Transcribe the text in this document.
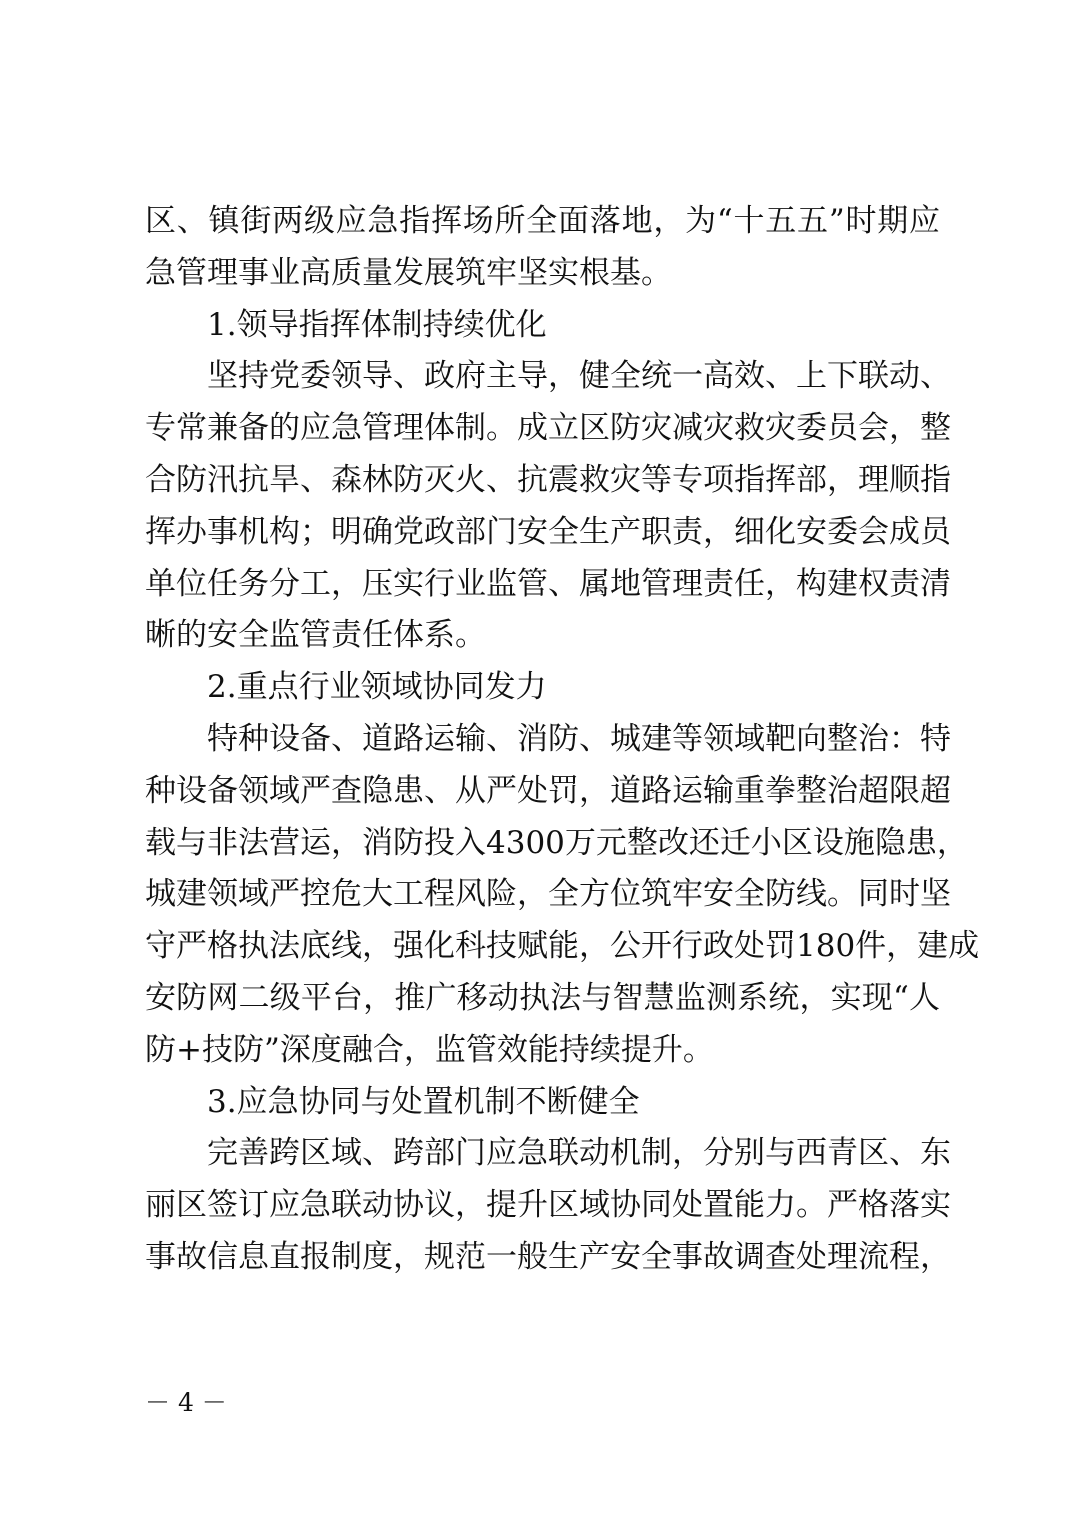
区、镇街两级应急指挥场所全面落地，为“十五五”时期应
急管理事业高质量发展筑牢坚实根基。
1.领导指挥体制持续优化
坚持党委领导、政府主导，健全统一高效、上下联动、
专常兼备的应急管理体制。成立区防灾减灾救灾委员会，整
合防汛抗旱、森林防灭火、抗震救灾等专项指挥部，理顺指
挥办事机构；明确党政部门安全生产职责，细化安委会成员
单位任务分工，压实行业监管、属地管理责任，构建权责清
晰的安全监管责任体系。
2.重点行业领域协同发力
特种设备、道路运输、消防、城建等领域靶向整治：特
种设备领域严查隐患、从严处罚，道路运输重拳整治超限超
载与非法营运，消防投入4300万元整改还迁小区设施隐患，
城建领域严控危大工程风险，全方位筑牢安全防线。同时坚
守严格执法底线，强化科技赋能，公开行政处罚180件，建成
安防网二级平台，推广移动执法与智慧监测系统，实现“人
防+技防”深度融合，监管效能持续提升。
3.应急协同与处置机制不断健全
完善跨区域、跨部门应急联动机制，分别与西青区、东
丽区签订应急联动协议，提升区域协同处置能力。严格落实
事故信息直报制度，规范一般生产安全事故调查处理流程，
－ 4 －
